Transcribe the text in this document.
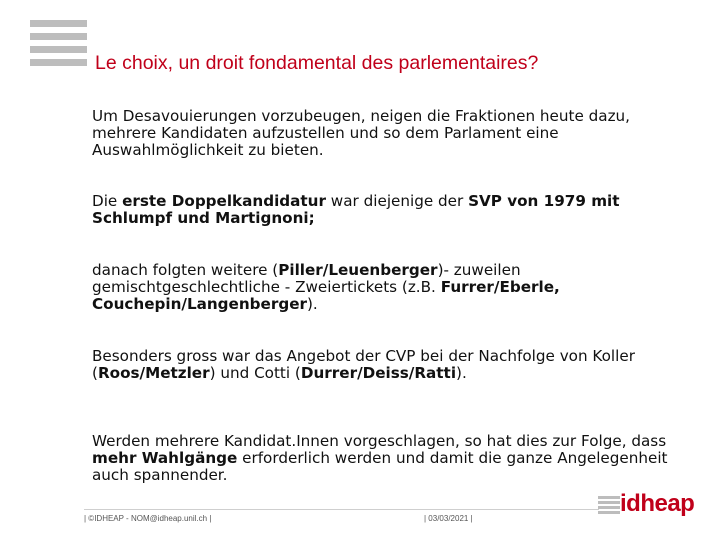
Le choix, un droit fondamental des parlementaires?
Um Desavouierungen vorzubeugen, neigen die Fraktionen heute dazu, mehrere Kandidaten aufzustellen und so dem Parlament eine Auswahlmöglichkeit zu bieten.
Die erste Doppelkandidatur war diejenige der SVP von 1979 mit Schlumpf und Martignoni;
danach folgten weitere (Piller/Leuenberger)- zuweilen gemischtgeschlechtliche - Zweiertickets (z.B. Furrer/Eberle, Couchepin/Langenberger).
Besonders gross war das Angebot der CVP bei der Nachfolge von Koller (Roos/Metzler) und Cotti (Durrer/Deiss/Ratti).
Werden mehrere Kandidat.Innen vorgeschlagen, so hat dies zur Folge, dass mehr Wahlgänge erforderlich werden und damit die ganze Angelegenheit auch spannender.
| ©IDHEAP - NOM@idheap.unil.ch |	| 03/03/2021 |
idheap
